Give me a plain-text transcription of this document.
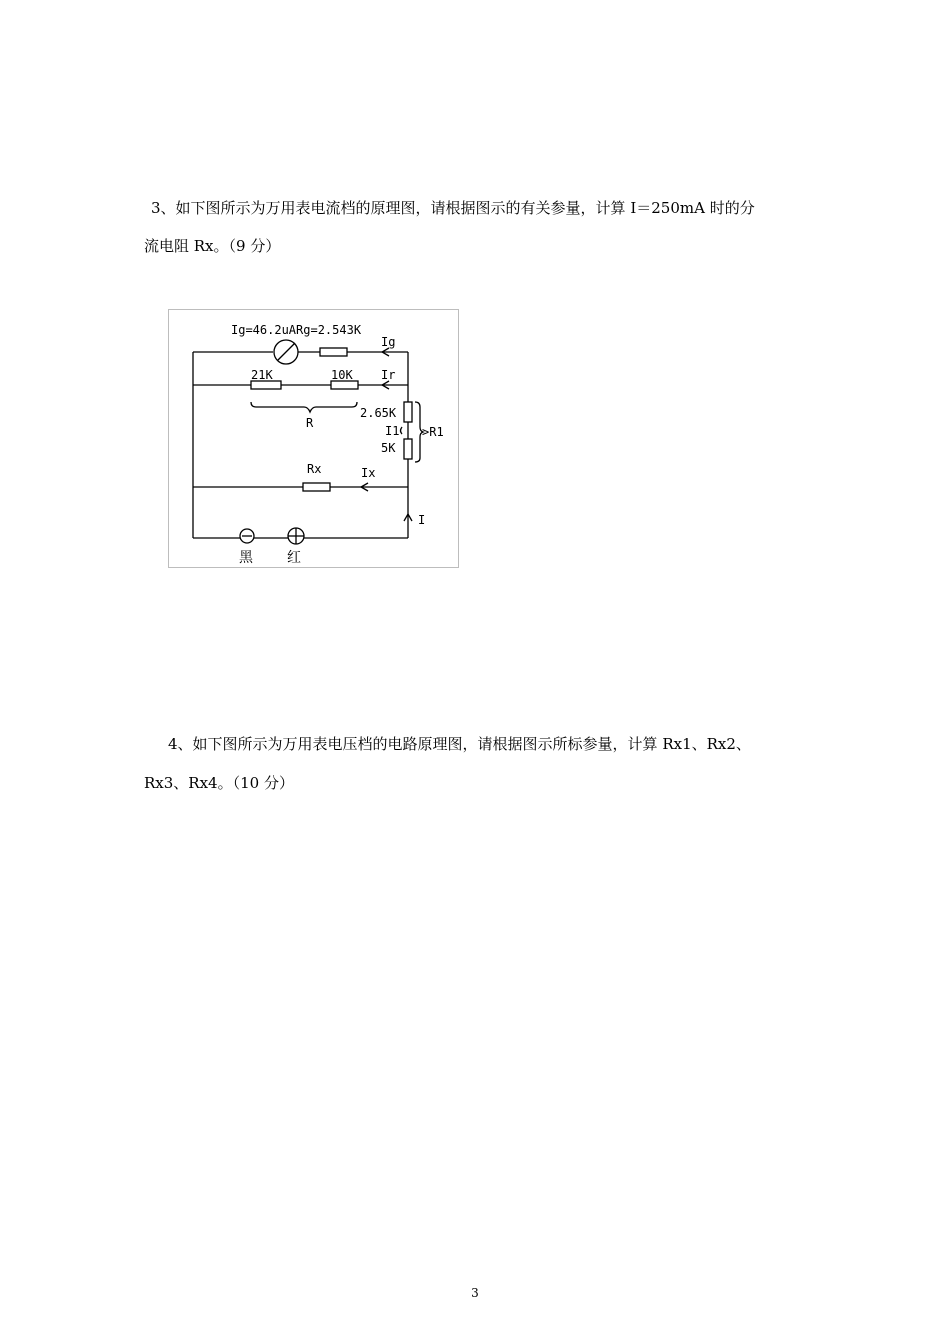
3、如下图所示为万用表电流档的原理图，请根据图示的有关参量，计算 I＝250mA 时的分
流电阻 Rx。（9 分）
Ig=46.2uARg=2.543K
Ig
21K	10K Ir
R
2.65K
I1
5K
>R1
Rx	Ix
I
黑 红
4、如下图所示为万用表电压档的电路原理图，请根据图示所标参量，计算 Rx1、Rx2、
Rx3、Rx4。（10 分）
3
